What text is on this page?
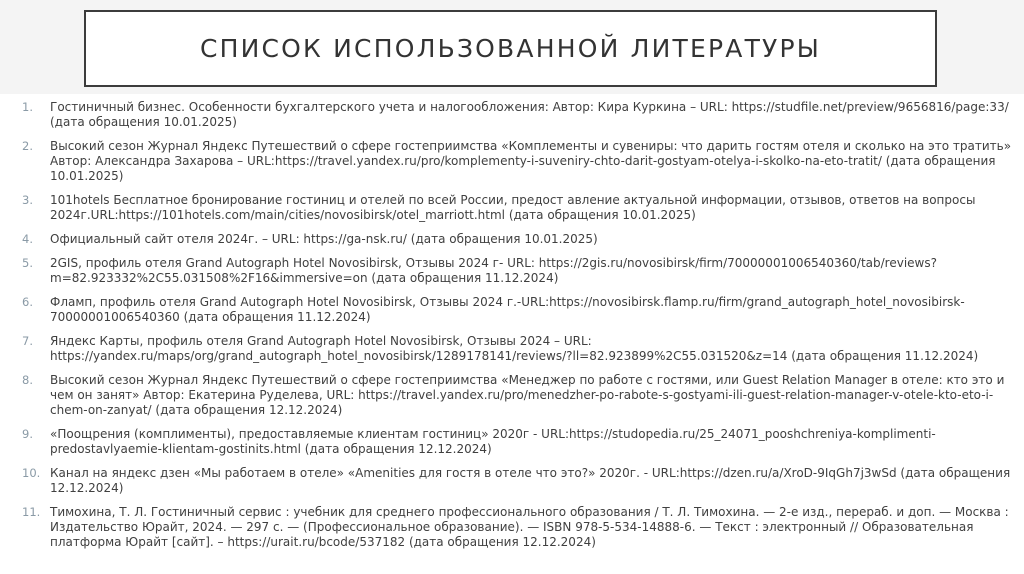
СПИСОК ИСПОЛЬЗОВАННОЙ ЛИТЕРАТУРЫ
1.	Гостиничный бизнес. Особенности бухгалтерского учета и налогообложения: Автор: Кира Куркина – URL: https://studfile.net/preview/9656816/page:33/ (дата обращения 10.01.2025)
2.	Высокий сезон Журнал Яндекс Путешествий о сфере гостеприимства «Комплементы и сувениры: что дарить гостям отеля и сколько на это тратить» Автор: Александра Захарова – URL:https://travel.yandex.ru/pro/komplementy-i-suveniry-chto-darit-gostyam-otelya-i-skolko-na-eto-tratit/ (дата обращения 10.01.2025)
3.	101hotels Бесплатное бронирование гостиниц и отелей по всей России, предост авление актуальной информации, отзывов, ответов на вопросы 2024г.URL:https://101hotels.com/main/cities/novosibirsk/otel_marriott.html (дата обращения 10.01.2025)
4.	Официальный сайт отеля 2024г. – URL: https://ga-nsk.ru/ (дата обращения 10.01.2025)
5.	2GIS, профиль отеля Grand Autograph Hotel Novosibirsk, Отзывы 2024 г- URL: https://2gis.ru/novosibirsk/firm/70000001006540360/tab/reviews?m=82.923332%2C55.031508%2F16&immersive=on (дата обращения 11.12.2024)
6.	Фламп, профиль отеля Grand Autograph Hotel Novosibirsk, Отзывы 2024 г.-URL:https://novosibirsk.flamp.ru/firm/grand_autograph_hotel_novosibirsk-70000001006540360 (дата обращения 11.12.2024)
7.	Яндекс Карты, профиль отеля Grand Autograph Hotel Novosibirsk, Отзывы 2024 – URL: https://yandex.ru/maps/org/grand_autograph_hotel_novosibirsk/1289178141/reviews/?ll=82.923899%2C55.031520&z=14 (дата обращения 11.12.2024)
8.	Высокий сезон Журнал Яндекс Путешествий о сфере гостеприимства «Менеджер по работе с гостями, или Guest Relation Manager в отеле: кто это и чем он занят» Автор: Екатерина Руделева, URL: https://travel.yandex.ru/pro/menedzher-po-rabote-s-gostyami-ili-guest-relation-manager-v-otele-kto-eto-i-chem-on-zanyat/ (дата обращения 12.12.2024)
9.	«Поощрения (комплименты), предоставляемые клиентам гостиниц» 2020г - URL:https://studopedia.ru/25_24071_pooshchreniya-komplimenti-predostavlyaemie-klientam-gostinits.html (дата обращения 12.12.2024)
10. Канал на яндекс дзен «Мы работаем в отеле» «Amenities для гостя в отеле что это?» 2020г. - URL:https://dzen.ru/a/XroD-9IqGh7j3wSd (дата обращения 12.12.2024)
11. Тимохина, Т. Л. Гостиничный сервис : учебник для среднего профессионального образования / Т. Л. Тимохина. — 2-е изд., перераб. и доп. — Москва : Издательство Юрайт, 2024. — 297 с. — (Профессиональное образование). — ISBN 978-5-534-14888-6. — Текст : электронный // Образовательная платформа Юрайт [сайт]. – https://urait.ru/bcode/537182 (дата обращения 12.12.2024)
